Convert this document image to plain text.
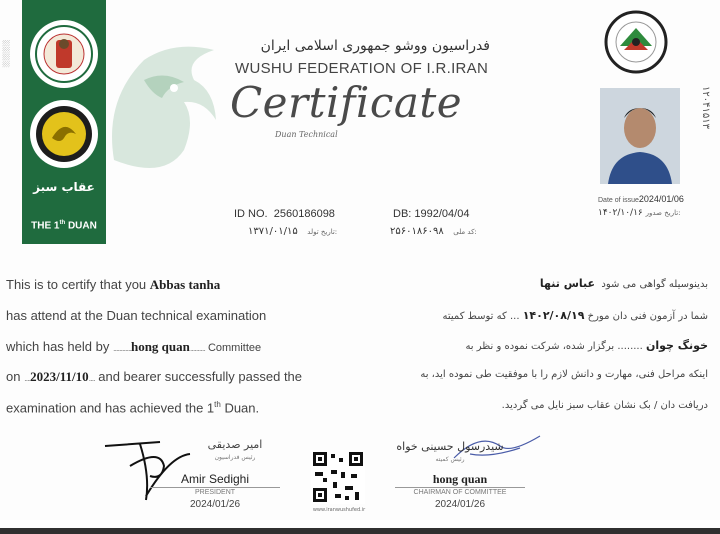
░░░░░░
عقاب سبز
THE 1th DUAN
فدراسیون ووشو جمهوری اسلامی ایران
WUSHU FEDERATION OF I.R.IRAN
Certificate
Duan Technical
۱۲۰۴۱۵۱۳
Date of issue2024/01/06
۱۴۰۲/۱۰/۱۶ تاریخ صدور:
ID NO. 2560186098	DB: 1992/04/04
۱۳۷۱/۰۱/۱۵ تاریخ تولد:	۲۵۶۰۱۸۶۰۹۸ کد ملی:
This is to certify that you Abbas tanha
has attend at the Duan technical examination
which has held by ............hong quan.......... Committee
on ....2023/11/10.... and bearer successfully passed the
examination and has achieved the 1th Duan.
بدینوسیله گواهی می شود  عباس تنها
شما در آزمون فنی دان مورخ ۱۴۰۲/۰۸/۱۹ ... که توسط کمیته
خونگ چوان ........ برگزار شده، شرکت نموده و نظر به
اینکه مراحل فنی، مهارت و دانش لازم را با موفقیت طی نموده اید، به
دریافت دان / بک نشان عقاب سبز نایل می گردید.
امیر صدیقی
رئیس فدراسیون
Amir Sedighi
PRESIDENT
2024/01/26	www.iranwushufed.ir
شیدرسول حسینی خواه
رئیس کمیته
hong quan
CHAIRMAN OF COMMITTEE
2024/01/26
